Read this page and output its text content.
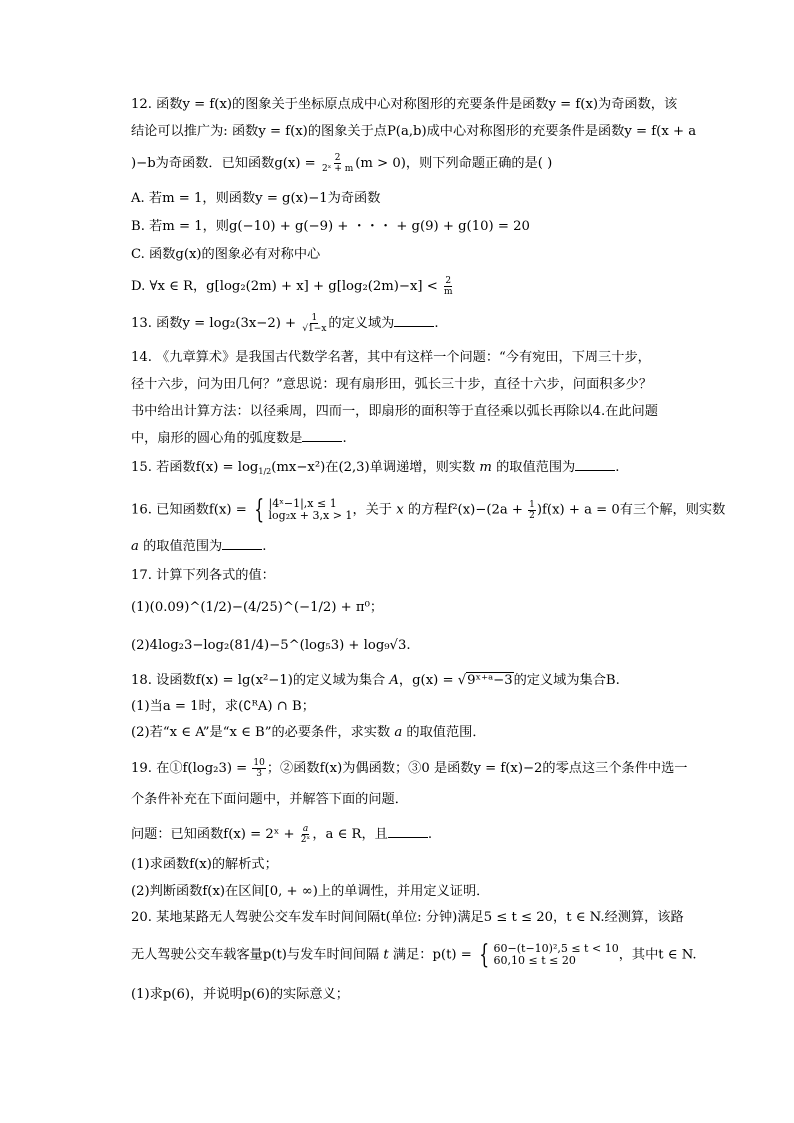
12. 函数y = f(x)的图象关于坐标原点成中心对称图形的充要条件是函数y = f(x)为奇函数，该
结论可以推广为: 函数y = f(x)的图象关于点P(a,b)成中心对称图形的充要条件是函数y = f(x + a
)−b为奇函数．已知函数$g(x) = \frac{2}{\text{2ˣ + m}} (m > 0)$，则下列命题正确的是( )
A. 若m = 1，则函数y = g(x)−1为奇函数
B. 若m = 1，则g(−10) + g(−9) + ・・・ + g(9) + g(10) = 20
C. 函数g(x)的图象必有对称中心
D. ∀x ∈ R，$g[\log_2(2m) + x] + g[\log_2(2m)-x] < \frac{2}{m}$
13. 函数$y = \log_2(3x-2) + \frac{1}{√1-x}$ 的定义域为	.
14. 《九章算术》是我国古代数学名著，其中有这样一个问题：“今有宛田，下周三十步，
径十六步，问为田几何？”意思说：现有扇形田，弧长三十步，直径十六步，问面积多少？
书中给出计算方法：以径乘周，四而一，即扇形的面积等于直径乘以弧长再除以4.在此问题
中，扇形的圆心角的弧度数是	.
15. 若函数$f(x) = \log_{1/2}(mx-x^2)$在(2,3)单调递增，则实数 m 的取值范围为	.
16. 已知函数f(x) = { |4ˣ−1|,x ≤ 1
log₂x + 3,x > 1 ，关于 x 的方程$f^2(x)-(2a + \frac{1}{2} )f(x) + a = 0$有三个解，则实数
a 的取值范围为	.
17. 计算下列各式的值：
(1)(0.09)^(1/2)−(4/25)^(−1/2) + π⁰；
(2)4log₂3−log₂(81/4)−5^(log₅3) + log₉√3.
18. 设函数f(x) = lg(x²−1)的定义域为集合 A，g(x) = √9ˣ⁺ᵃ−3的定义域为集合B.
(1)当a = 1时，求(∁ᴿA) ∩ B；
(2)若“x ∈ A”是“x ∈ B”的必要条件，求实数 a 的取值范围．
19. 在①f(log₂3) = $\frac{10}{3}$ ；②函数f(x)为偶函数；③0 是函数y = f(x)−2的零点这三个条件中选一
个条件补充在下面问题中，并解答下面的问题．
问题：已知函数f(x) = 2ˣ + $\frac{a}{\text{2ˣ}}$ ，a ∈ R，且	.
(1)求函数f(x)的解析式；
(2)判断函数f(x)在区间[0, + ∞)上的单调性，并用定义证明．
20. 某地某路无人驾驶公交车发车时间间隔t(单位: 分钟)满足5 ≤ t ≤ 20，t ∈ N.经测算，该路
无人驾驶公交车载客量p(t)与发车时间间隔 t 满足：p(t) = { 60−(t−10)²,5 ≤ t < 10
60,10 ≤ t ≤ 20	，其中t ∈ N.
(1)求p(6)，并说明p(6)的实际意义；
